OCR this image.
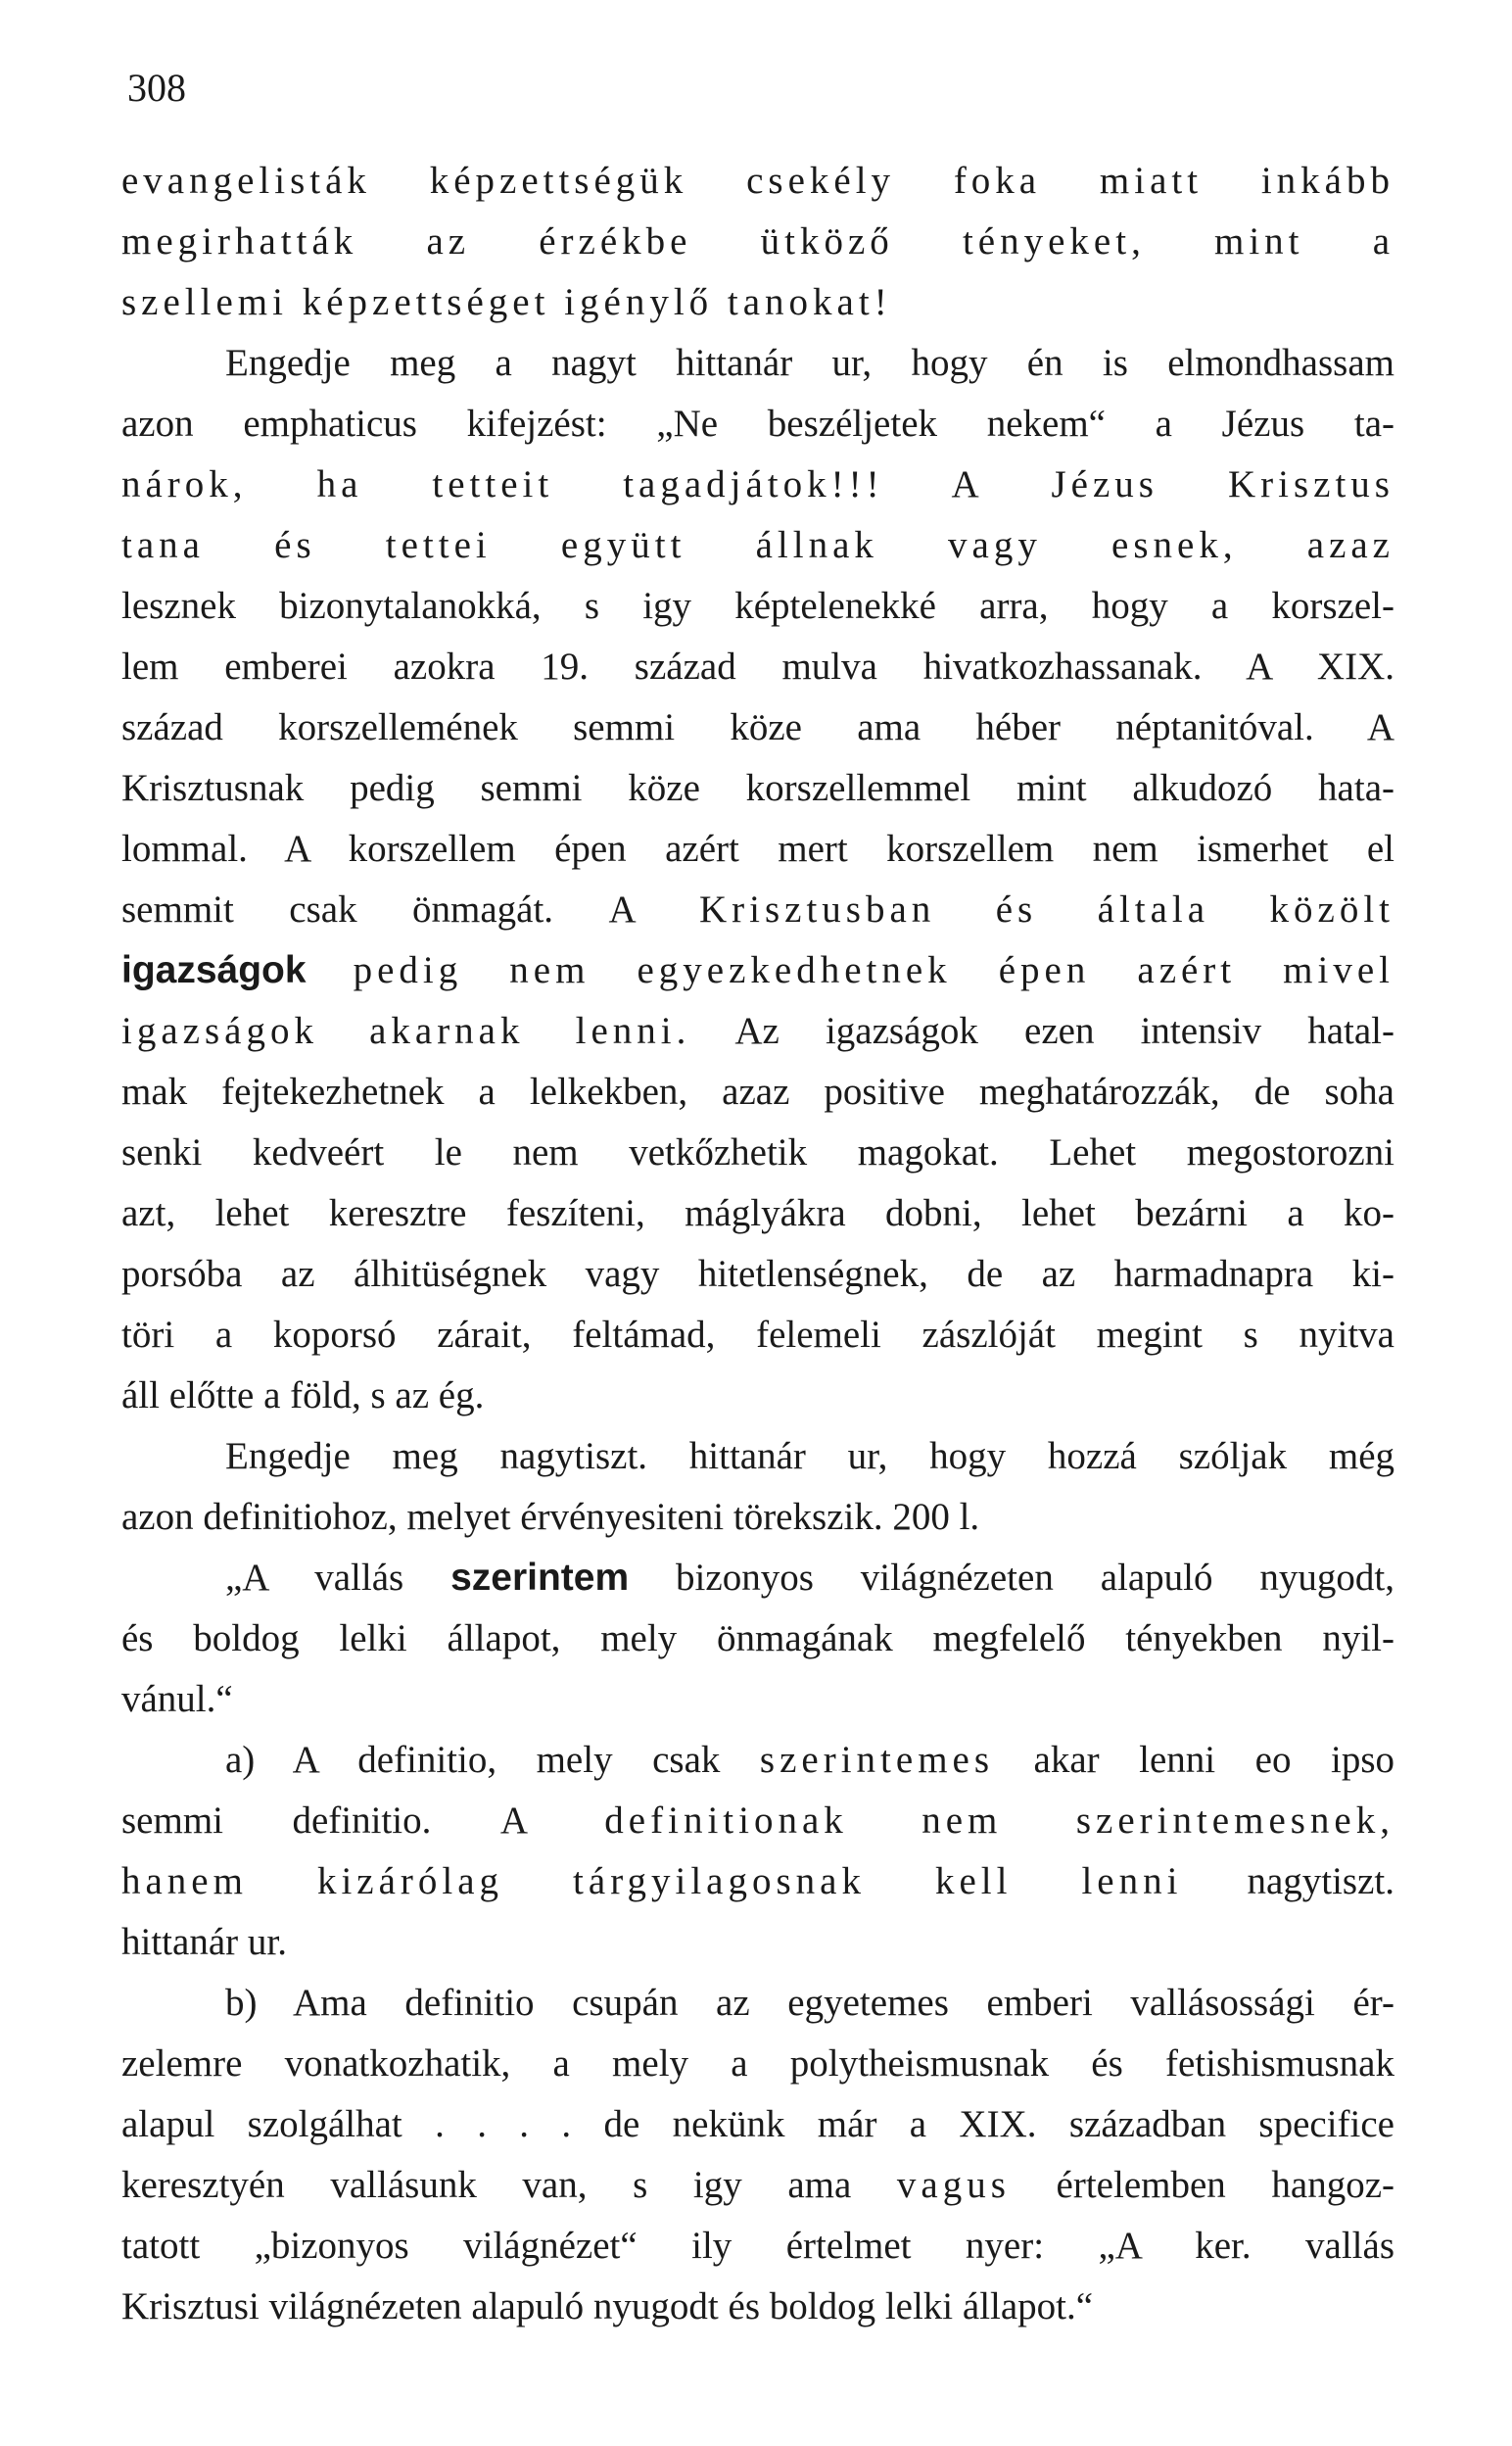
308
evangelisták képzettségük csekély foka miatt inkább
megirhatták az érzékbe ütköző tényeket, mint a
szellemi képzettséget igénylő tanokat!
Engedje meg a nagyt hittanár ur, hogy én is elmondhassam
azon emphaticus kifejzést: „Ne beszéljetek nekem“ a Jézus ta-
nárok, ha tetteit tagadjátok!!! A Jézus Krisztus
tana és tettei együtt állnak vagy esnek, azaz
lesznek bizonytalanokká, s igy képtelenekké arra, hogy a korszel-
lem emberei azokra 19. század mulva hivatkozhassanak. A XIX.
század korszellemének semmi köze ama héber néptanitóval. A
Krisztusnak pedig semmi köze korszellemmel mint alkudozó hata-
lommal. A korszellem épen azért mert korszellem nem ismerhet el
semmit csak önmagát. A Krisztusban és általa közölt
igazságok pedig nem egyezkedhetnek épen azért mivel
igazságok akarnak lenni. Az igazságok ezen intensiv hatal-
mak fejtekezhetnek a lelkekben, azaz positive meghatározzák, de soha
senki kedveért le nem vetkőzhetik magokat. Lehet megostorozni
azt, lehet keresztre feszíteni, máglyákra dobni, lehet bezárni a ko-
porsóba az álhitüségnek vagy hitetlenségnek, de az harmadnapra ki-
töri a koporsó zárait, feltámad, felemeli zászlóját megint s nyitva
áll előtte a föld, s az ég.
Engedje meg nagytiszt. hittanár ur, hogy hozzá szóljak még
azon definitiohoz, melyet érvényesiteni törekszik. 200 l.
„A vallás szerintem bizonyos világnézeten alapuló nyugodt,
és boldog lelki állapot, mely önmagának megfelelő tényekben nyil-
vánul.“
a) A definitio, mely csak szerintemes akar lenni eo ipso
semmi definitio. A definitionak nem szerintemesnek,
hanem kizárólag tárgyilagosnak kell lenni nagytiszt.
hittanár ur.
b) Ama definitio csupán az egyetemes emberi vallásossági ér-
zelemre vonatkozhatik, a mely a polytheismusnak és fetishismusnak
alapul szolgálhat . . . . de nekünk már a XIX. században specifice
keresztyén vallásunk van, s igy ama vagus értelemben hangoz-
tatott „bizonyos világnézet“ ily értelmet nyer: „A ker. vallás
Krisztusi világnézeten alapuló nyugodt és boldog lelki állapot.“
